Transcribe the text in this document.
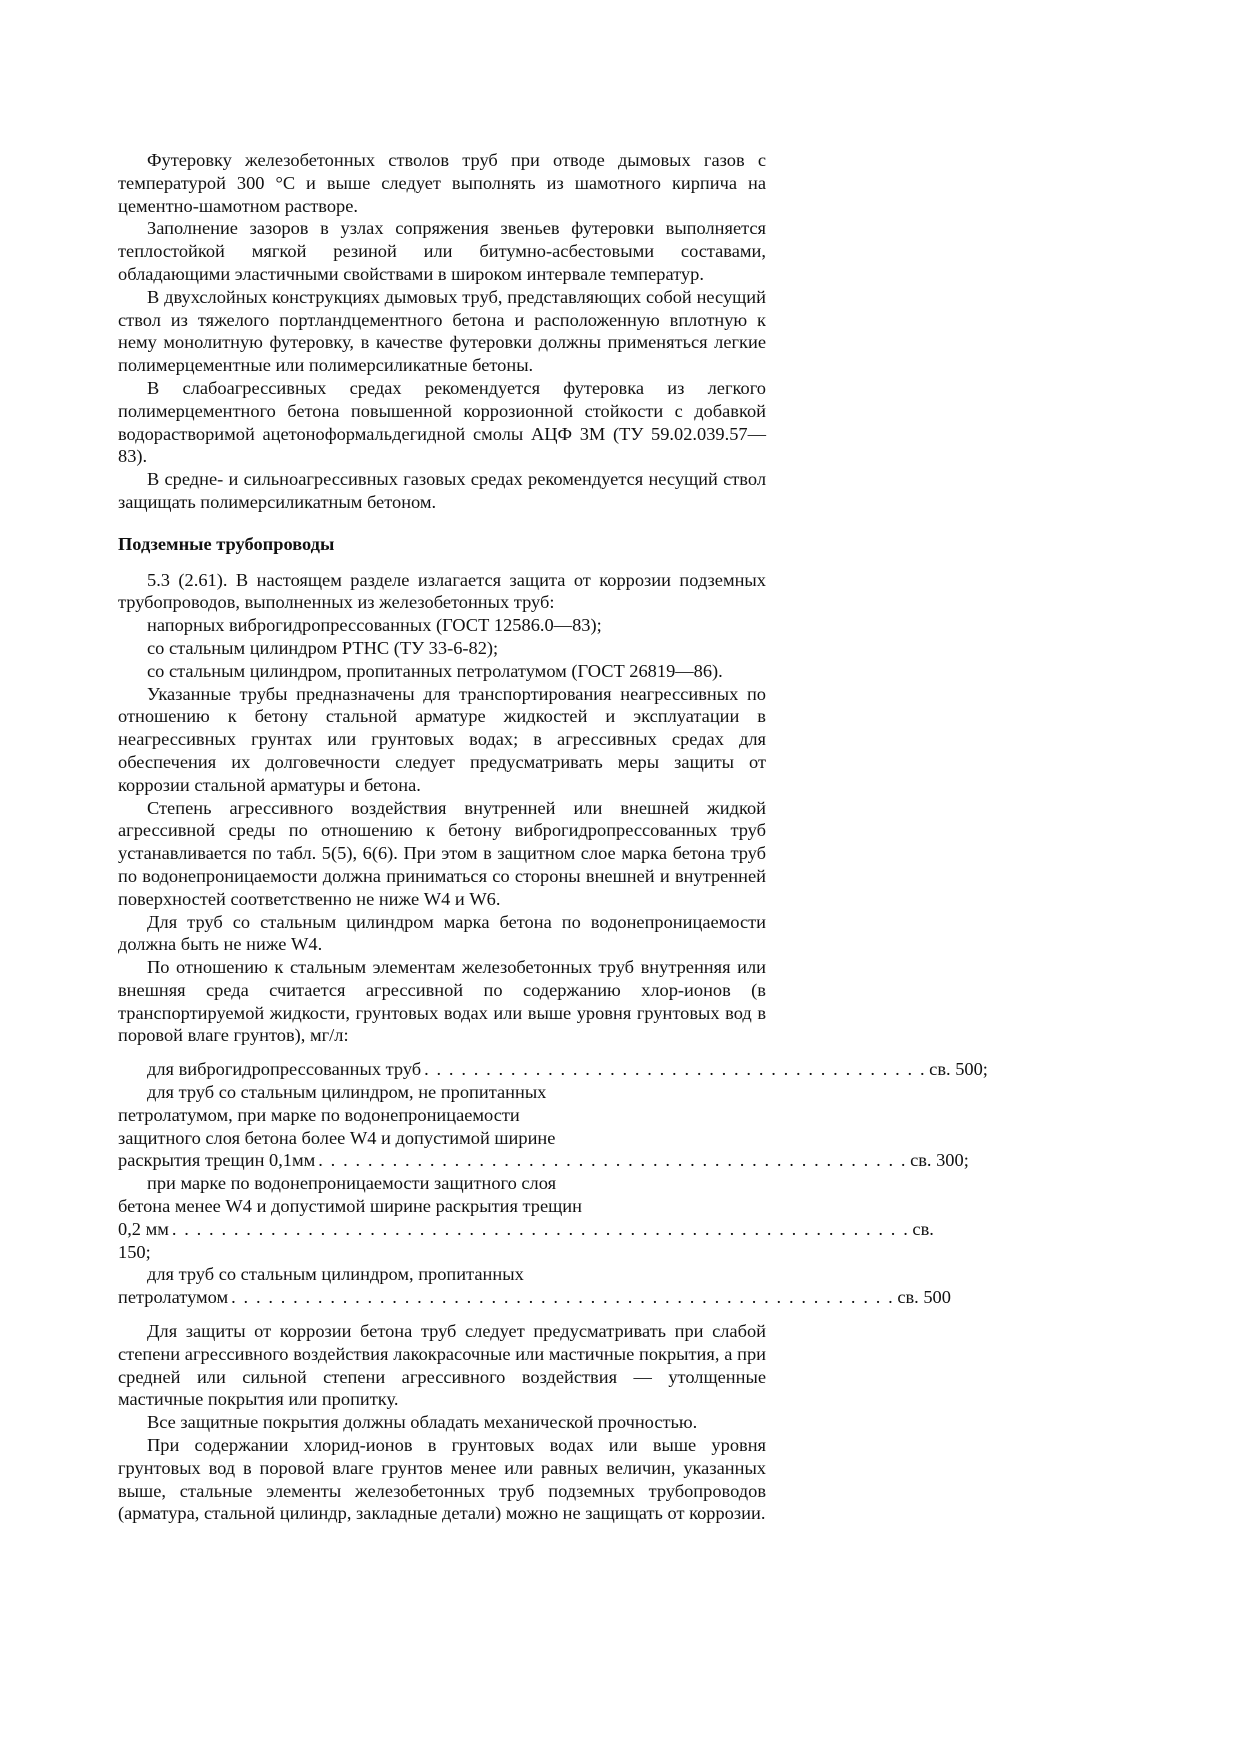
Футеровку железобетонных стволов труб при отводе дымовых газов с температурой 300 °С и выше следует выполнять из шамотного кирпича на цементно-шамотном растворе.

Заполнение зазоров в узлах сопряжения звеньев футеровки выполняется теплостойкой мягкой резиной или битумно-асбестовыми составами, обладающими эластичными свойствами в широком интервале температур.

В двухслойных конструкциях дымовых труб, представляющих собой несущий ствол из тяжелого портландцементного бетона и расположенную вплотную к нему монолитную футеровку, в качестве футеровки должны применяться легкие полимерцементные или полимерсиликатные бетоны.

В слабоагрессивных средах рекомендуется футеровка из легкого полимерцементного бетона повышенной коррозионной стойкости с добавкой водорастворимой ацетоноформальдегидной смолы АЦФ 3М (ТУ 59.02.039.57—83).

В средне- и сильноагрессивных газовых средах рекомендуется несущий ствол защищать полимерсиликатным бетоном.

Подземные трубопроводы

5.3 (2.61). В настоящем разделе излагается защита от коррозии подземных трубопроводов, выполненных из железобетонных труб:

напорных виброгидропрессованных (ГОСТ 12586.0—83);

со стальным цилиндром РТНС (ТУ 33-6-82);

со стальным цилиндром, пропитанных петролатумом (ГОСТ 26819—86).

Указанные трубы предназначены для транспортирования неагрессивных по отношению к бетону стальной арматуре жидкостей и эксплуатации в неагрессивных грунтах или грунтовых водах; в агрессивных средах для обеспечения их долговечности следует предусматривать меры защиты от коррозии стальной арматуры и бетона.

Степень агрессивного воздействия внутренней или внешней жидкой агрессивной среды по отношению к бетону виброгидропрессованных труб устанавливается по табл. 5(5), 6(6). При этом в защитном слое марка бетона труб по водонепроницаемости должна приниматься со стороны внешней и внутренней поверхностей соответственно не ниже W4 и W6.

Для труб со стальным цилиндром марка бетона по водонепроницаемости должна быть не ниже W4.

По отношению к стальным элементам железобетонных труб внутренняя или внешняя среда считается агрессивной по содержанию хлор-ионов (в транспортируемой жидкости, грунтовых водах или выше уровня грунтовых вод в поровой влаге грунтов), мг/л:

для виброгидропрессованных труб . . . . . . . . . . . . . . . . . . . . . . . . . . . . . . . . . . . . . . . . . св. 500;
для труб со стальным цилиндром, не пропитанных
петролатумом, при марке по водонепроницаемости
защитного слоя бетона более W4 и допустимой ширине
раскрытия трещин 0,1мм . . . . . . . . . . . . . . . . . . . . . . . . . . . . . . . . . . . . . . . . . . . . . . . . св. 300;
при марке по водонепроницаемости защитного слоя
бетона менее W4 и допустимой ширине раскрытия трещин
0,2 мм . . . . . . . . . . . . . . . . . . . . . . . . . . . . . . . . . . . . . . . . . . . . . . . . . . . . . . . . . . . . св.
150;
для труб со стальным цилиндром, пропитанных
петролатумом . . . . . . . . . . . . . . . . . . . . . . . . . . . . . . . . . . . . . . . . . . . . . . . . . . . . . . св. 500

Для защиты от коррозии бетона труб следует предусматривать при слабой степени агрессивного воздействия лакокрасочные или мастичные покрытия, а при средней или сильной степени агрессивного воздействия — утолщенные мастичные покрытия или пропитку.

Все защитные покрытия должны обладать механической прочностью.

При содержании хлорид-ионов в грунтовых водах или выше уровня грунтовых вод в поровой влаге грунтов менее или равных величин, указанных выше, стальные элементы железобетонных труб подземных трубопроводов (арматура, стальной цилиндр, закладные детали) можно не защищать от коррозии.
